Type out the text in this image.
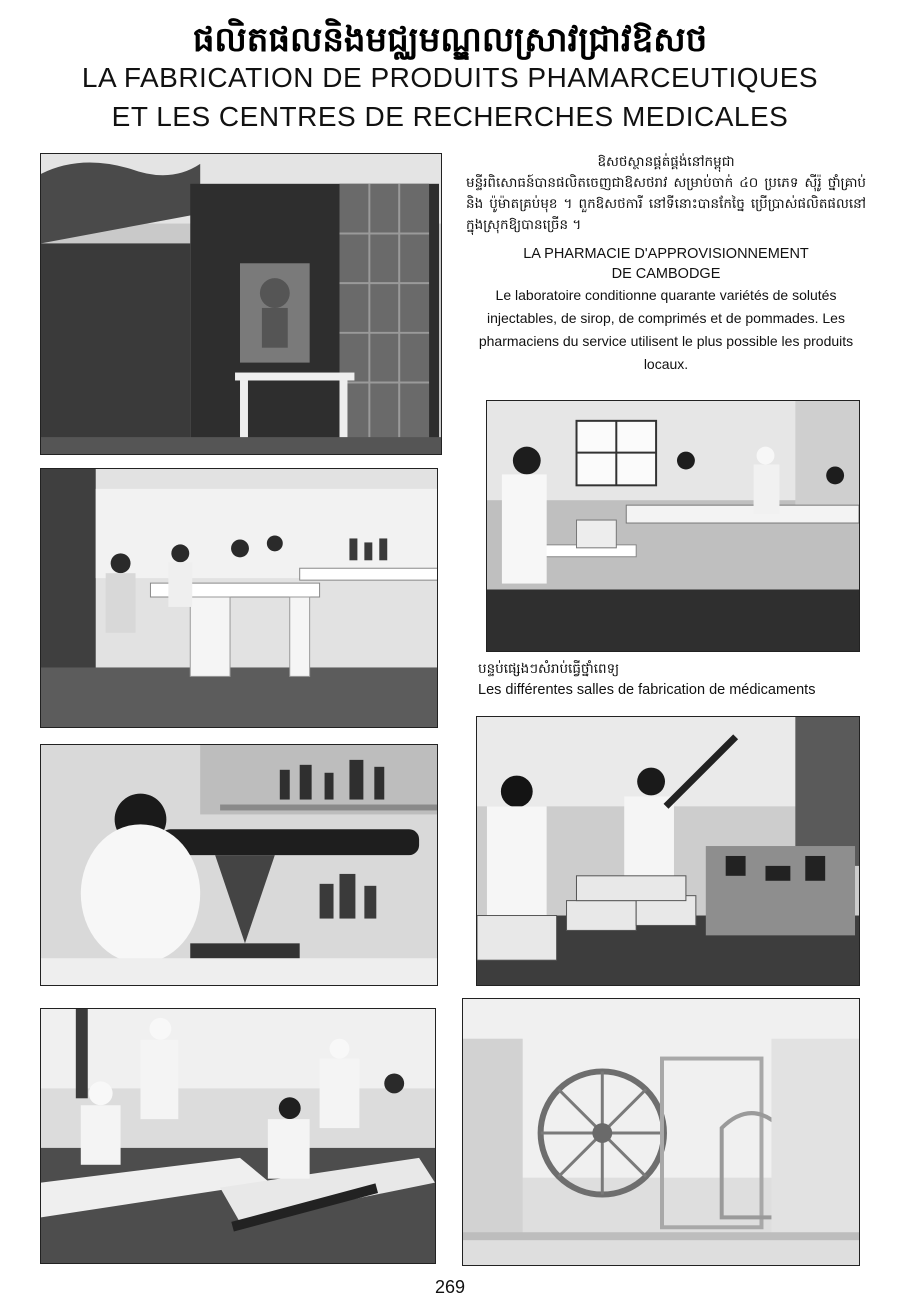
ផលិតផលនិងមជ្ឈមណ្ឌលស្រាវជ្រាវឱសថ
LA FABRICATION DE PRODUITS PHAMARCEUTIQUES
ET LES CENTRES DE RECHERCHES MEDICALES
ឱសថស្ថានផ្គត់ផ្គង់នៅកម្ពុជា
មន្ទីរពិសោធន៍បានផលិតចេញជាឱសថរាវ សម្រាប់ចាក់ ៤០ ប្រភេទ ស៊ីរ៉ូ ថ្នាំគ្រាប់ និង ប៉ូម៉ាតគ្រប់មុខ ។ ពួកឱសថការី នៅទីនោះបានកែច្នៃ ប្រើប្រាស់ផលិតផលនៅក្នុងស្រុកឱ្យបានច្រើន ។
LA PHARMACIE D'APPROVISIONNEMENT
DE CAMBODGE
Le laboratoire conditionne quarante variétés de solutés injectables, de sirop, de comprimés et de pommades. Les pharmaciens du service utilisent le plus possible les produits locaux.
បន្ទប់ផ្សេងៗសំរាប់ធ្វើថ្នាំពេទ្យ
Les différentes salles de fabrication de médicaments
269
